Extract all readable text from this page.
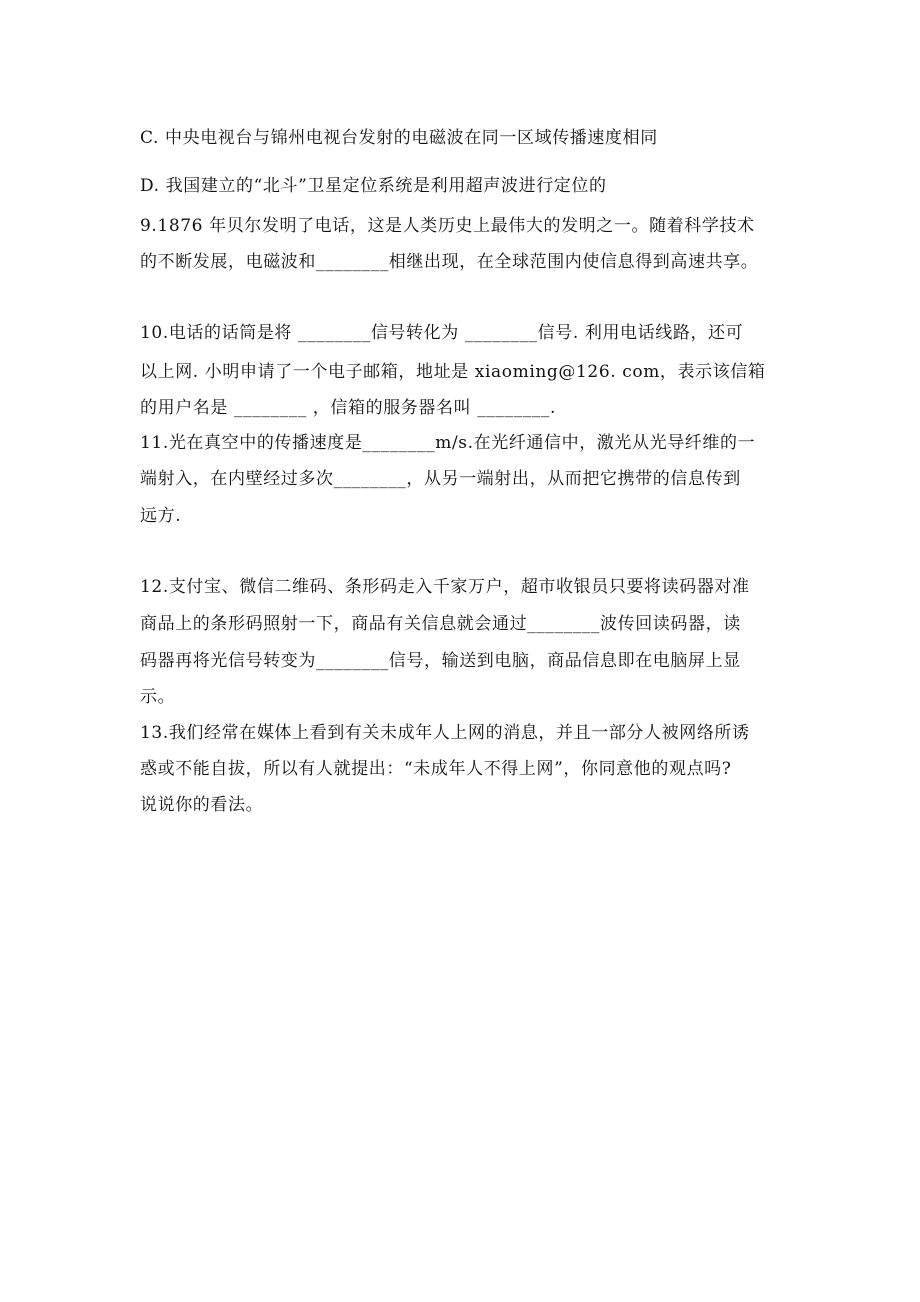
C. 中央电视台与锦州电视台发射的电磁波在同一区域传播速度相同
D. 我国建立的“北斗”卫星定位系统是利用超声波进行定位的
9.1876 年贝尔发明了电话，这是人类历史上最伟大的发明之一。随着科学技术
的不断发展，电磁波和________相继出现，在全球范围内使信息得到高速共享。
10.电话的话筒是将 ________信号转化为 ________信号. 利用电话线路，还可
以上网. 小明申请了一个电子邮箱，地址是 xiaoming@126. com，表示该信箱
的用户名是 ________ ，信箱的服务器名叫 ________.
11.光在真空中的传播速度是________m/s.在光纤通信中，激光从光导纤维的一
端射入，在内壁经过多次________，从另一端射出，从而把它携带的信息传到
远方.
12.支付宝、微信二维码、条形码走入千家万户，超市收银员只要将读码器对准
商品上的条形码照射一下，商品有关信息就会通过________波传回读码器，读
码器再将光信号转变为________信号，输送到电脑，商品信息即在电脑屏上显
示。
13.我们经常在媒体上看到有关未成年人上网的消息，并且一部分人被网络所诱
惑或不能自拔，所以有人就提出：“未成年人不得上网”，你同意他的观点吗?
说说你的看法。
